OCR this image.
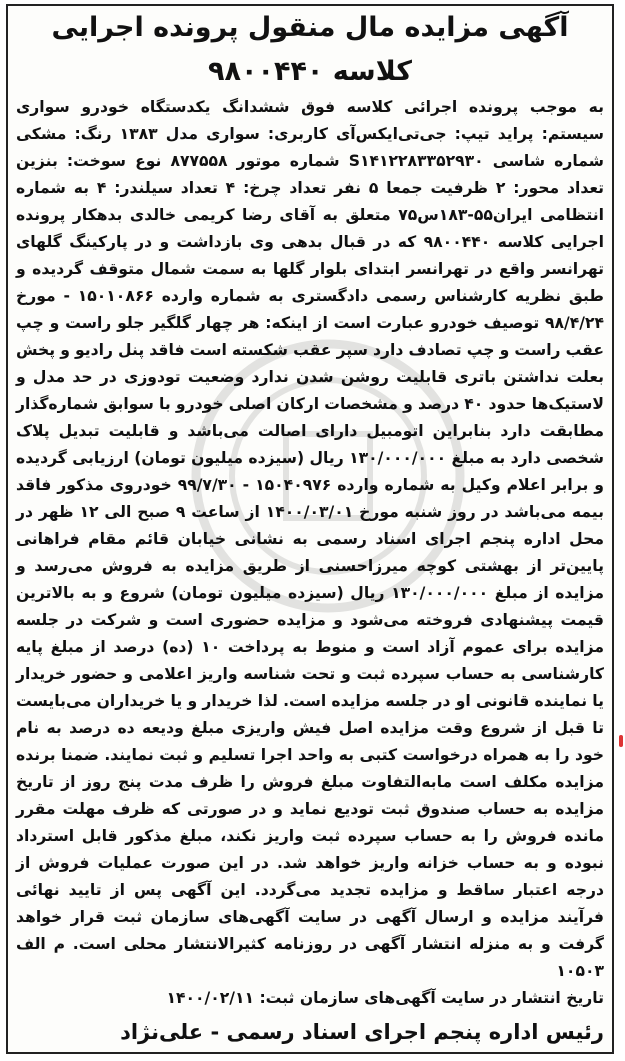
آگهی مزایده مال منقول پرونده اجرایی کلاسه ۹۸۰۰۴۴۰

به موجب پرونده اجرائی کلاسه فوق ششدانگ یکدستگاه خودرو سواری سیستم: پراید تیپ: جی‌تی‌ایکس‌آی کاربری: سواری مدل ۱۳۸۳ رنگ: مشکی شماره شاسی S۱۴۱۲۲۸۳۳۵۲۹۳۰ شماره موتور ۸۷۷۵۵۸ نوع سوخت: بنزین تعداد محور: ۲ ظرفیت جمعا ۵ نفر تعداد چرخ: ۴ تعداد سیلندر: ۴ به شماره انتظامی ایران۵۵-۱۸۳س۷۵ متعلق به آقای رضا کریمی خالدی بدهکار پرونده اجرایی کلاسه ۹۸۰۰۴۴۰ که در قبال بدهی وی بازداشت و در پارکینگ گلهای تهرانسر واقع در تهرانسر ابتدای بلوار گلها به سمت شمال متوقف گردیده و طبق نظریه کارشناس رسمی دادگستری به شماره وارده ۱۵۰۱۰۸۶۶ - مورخ ۹۸/۴/۲۴ توصیف خودرو عبارت است از اینکه: هر چهار گلگیر جلو راست و چپ عقب راست و چپ تصادف دارد سپر عقب شکسته است فاقد پنل رادیو و پخش بعلت نداشتن باتری قابلیت روشن شدن ندارد وضعیت تودوزی در حد مدل و لاستیک‌ها حدود ۴۰ درصد و مشخصات ارکان اصلی خودرو با سوابق شماره‌گذار مطابقت دارد بنابراین اتومبیل دارای اصالت می‌باشد و قابلیت تبدیل پلاک شخصی دارد به مبلغ ۱۳۰/۰۰۰/۰۰۰ ریال (سیزده میلیون تومان) ارزیابی گردیده و برابر اعلام وکیل به شماره وارده ۱۵۰۴۰۹۷۶ - ۹۹/۷/۳۰ خودروی مذکور فاقد بیمه می‌باشد در روز شنبه مورخ ۱۴۰۰/۰۳/۰۱ از ساعت ۹ صبح الی ۱۲ ظهر در محل اداره پنجم اجرای اسناد رسمی به نشانی خیابان قائم مقام فراهانی پایین‌تر از بهشتی کوچه میرزاحسنی از طریق مزایده به فروش می‌رسد و مزایده از مبلغ ۱۳۰/۰۰۰/۰۰۰ ریال (سیزده میلیون تومان) شروع و به بالاترین قیمت پیشنهادی فروخته می‌شود و مزایده حضوری است و شرکت در جلسه مزایده برای عموم آزاد است و منوط به پرداخت ۱۰ (ده) درصد از مبلغ پایه کارشناسی به حساب سپرده ثبت و تحت شناسه واریز اعلامی و حضور خریدار یا نماینده قانونی او در جلسه مزایده است. لذا خریدار و یا خریداران می‌بایست تا قبل از شروع وقت مزایده اصل فیش واریزی مبلغ ودیعه ده درصد به نام خود را به همراه درخواست کتبی به واحد اجرا تسلیم و ثبت نمایند. ضمنا برنده مزایده مکلف است مابه‌التفاوت مبلغ فروش را ظرف مدت پنج روز از تاریخ مزایده به حساب صندوق ثبت تودیع نماید و در صورتی که ظرف مهلت مقرر مانده فروش را به حساب سپرده ثبت واریز نکند، مبلغ مذکور قابل استرداد نبوده و به حساب خزانه واریز خواهد شد. در این صورت عملیات فروش از درجه اعتبار ساقط و مزایده تجدید می‌گردد. این آگهی پس از تایید نهائی فرآیند مزایده و ارسال آگهی در سایت آگهی‌های سازمان ثبت قرار خواهد گرفت و به منزله انتشار آگهی در روزنامه کثیرالانتشار محلی است. م الف ۱۰۵۰۳

تاریخ انتشار در سایت آگهی‌های سازمان ثبت: ۱۴۰۰/۰۲/۱۱

رئیس اداره پنجم اجرای اسناد رسمی - علی‌نژاد
